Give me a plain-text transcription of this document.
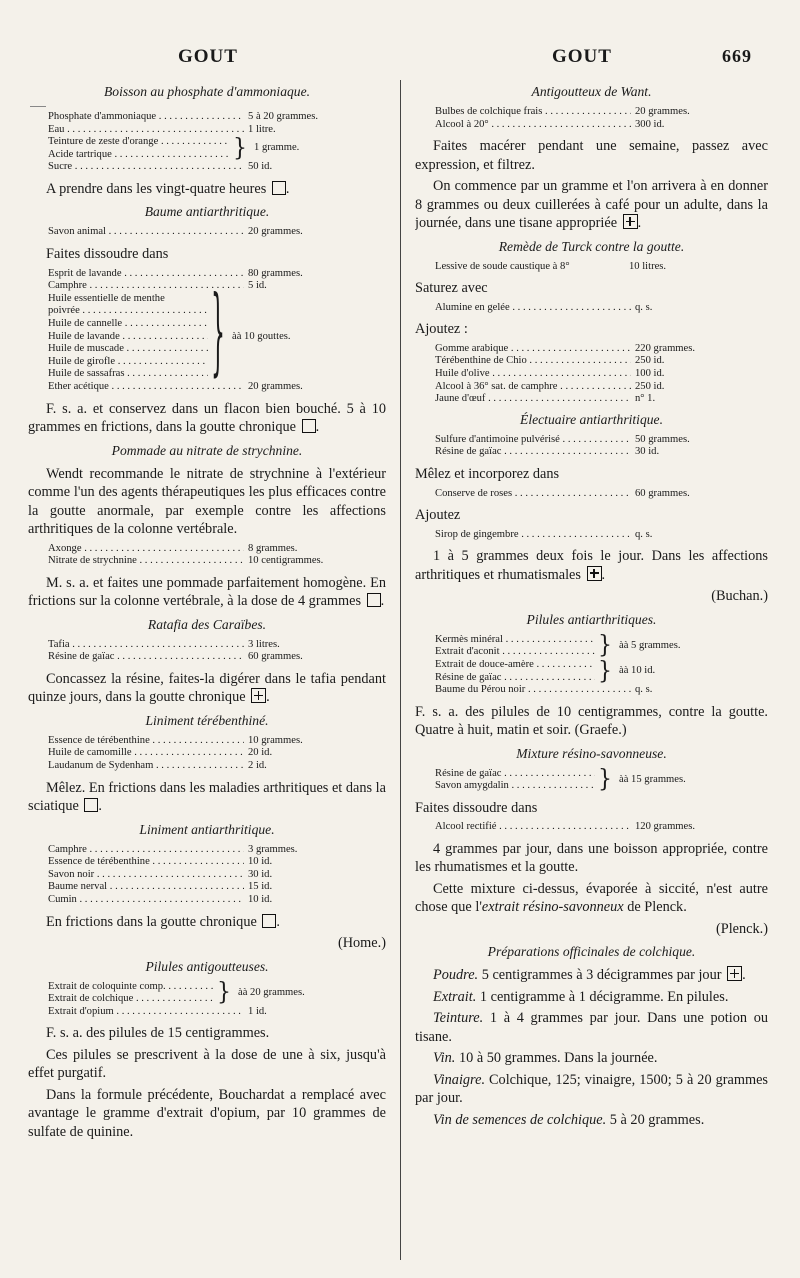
GOUT	GOUT	669
Boisson au phosphate d'ammoniaque.
Phosphate d'ammoniaque . . .	5 à 20 grammes.
Eau . . .	1 litre.
Teinture de zeste d'orange . . .
Acide tartrique . . .	} 1 gramme.
Sucre . . .	50 id.
A prendre dans les vingt-quatre heures .
Baume antiarthritique.
Savon animal . . .	20 grammes.
Faites dissoudre dans
Esprit de lavande . . .	80 grammes.
Camphre . . .	5 id.
Huile essentielle de menthe
poivrée . . .
Huile de cannelle . . .
Huile de lavande . . .
Huile de muscade . . .
Huile de girofle . . .
Huile de sassafras . . .	} àà 10 gouttes.
Ether acétique . . .	20 grammes.
F. s. a. et conservez dans un flacon bien bouché. 5 à 10 grammes en frictions, dans la goutte chronique .
Pommade au nitrate de strychnine.
Wendt recommande le nitrate de strychnine à l'extérieur comme l'un des agents thérapeutiques les plus efficaces contre la goutte anormale, par exemple contre les affections arthritiques de la colonne vertébrale.
Axonge . . .	8 grammes.
Nitrate de strychnine . . .	10 centigrammes.
M. s. a. et faites une pommade parfaitement homogène. En frictions sur la colonne vertébrale, à la dose de 4 grammes .
Ratafia des Caraïbes.
Tafia . . .	3 litres.
Résine de gaïac . . .	60 grammes.
Concassez la résine, faites-la digérer dans le tafia pendant quinze jours, dans la goutte chronique .
Liniment térébenthiné.
Essence de térébenthine . . .	10 grammes.
Huile de camomille . . .	20 id.
Laudanum de Sydenham . . .	2 id.
Mêlez. En frictions dans les maladies arthritiques et dans la sciatique .
Liniment antiarthritique.
Camphre . . .	3 grammes.
Essence de térébenthine . . .	10 id.
Savon noir . . .	30 id.
Baume nerval . . .	15 id.
Cumin . . .	10 id.
En frictions dans la goutte chronique .
(Home.)
Pilules antigoutteuses.
Extrait de coloquinte comp. . . .
Extrait de colchique . . .	} àà 20 grammes.
Extrait d'opium . . .	1 id.
F. s. a. des pilules de 15 centigrammes.
Ces pilules se prescrivent à la dose de une à six, jusqu'à effet purgatif.
Dans la formule précédente, Bouchardat a remplacé avec avantage le gramme d'extrait d'opium, par 10 grammes de sulfate de quinine.
Antigoutteux de Want.
Bulbes de colchique frais . . .	20 grammes.
Alcool à 20° . . .	300 id.
Faites macérer pendant une semaine, passez avec expression, et filtrez.
On commence par un gramme et l'on arrivera à en donner 8 grammes ou deux cuillerées à café pour un adulte, dans la journée, dans une tisane appropriée .
Remède de Turck contre la goutte.
Lessive de soude caustique à 8°	10 litres.
Saturez avec
Alumine en gelée . . .	q. s.
Ajoutez :
Gomme arabique . . .	220 grammes.
Térébenthine de Chio . . .	250 id.
Huile d'olive . . .	100 id.
Alcool à 36° sat. de camphre . . .	250 id.
Jaune d'œuf . . .	n° 1.
Électuaire antiarthritique.
Sulfure d'antimoine pulvérisé . . .	50 grammes.
Résine de gaïac . . .	30 id.
Mêlez et incorporez dans
Conserve de roses . . .	60 grammes.
Ajoutez
Sirop de gingembre . . .	q. s.
1 à 5 grammes deux fois le jour. Dans les affections arthritiques et rhumatismales .
(Buchan.)
Pilules antiarthritiques.
Kermès minéral . . .
Extrait d'aconit . . .	} àà 5 grammes.
Extrait de douce-amère . . .
Résine de gaïac . . .	} àà 10 id.
Baume du Pérou noir . . .	q. s.
F. s. a. des pilules de 10 centigrammes, contre la goutte. Quatre à huit, matin et soir. (Graefe.)
Mixture résino-savonneuse.
Résine de gaïac . . .
Savon amygdalin . . .	} àà 15 grammes.
Faites dissoudre dans
Alcool rectifié . . .	120 grammes.
4 grammes par jour, dans une boisson appropriée, contre les rhumatismes et la goutte.
Cette mixture ci-dessus, évaporée à siccité, n'est autre chose que l'extrait résino-savonneux de Plenck.
(Plenck.)
Préparations officinales de colchique.
Poudre. 5 centigrammes à 3 décigrammes par jour .
Extrait. 1 centigramme à 1 décigramme. En pilules.
Teinture. 1 à 4 grammes par jour. Dans une potion ou tisane.
Vin. 10 à 50 grammes. Dans la journée.
Vinaigre. Colchique, 125; vinaigre, 1500; 5 à 20 grammes par jour.
Vin de semences de colchique. 5 à 20 grammes.
